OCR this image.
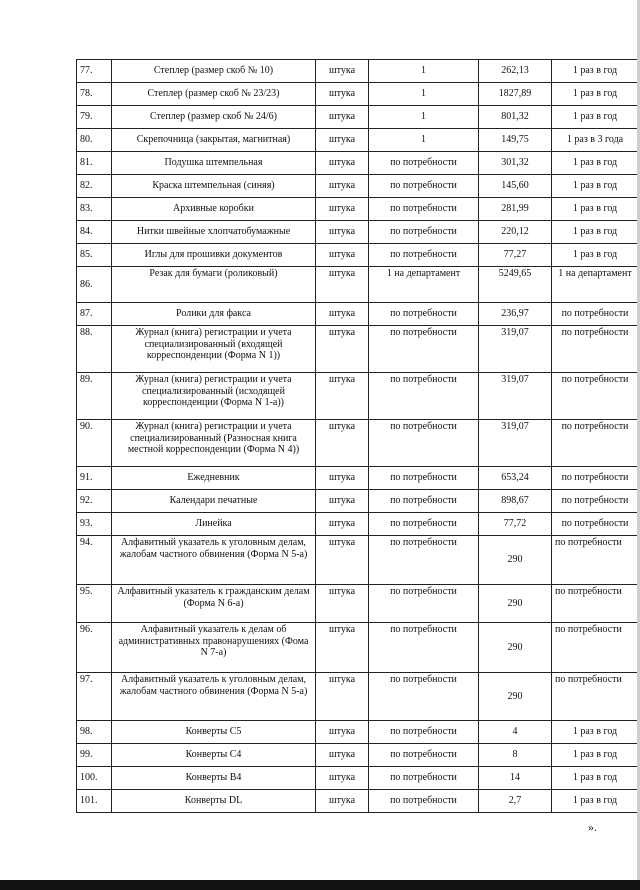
77.	Степлер (размер скоб № 10)	штука	1	262,13	1 раз в год
78.	Степлер (размер скоб № 23/23)	штука	1	1827,89	1 раз в год
79.	Степлер (размер скоб № 24/6)	штука	1	801,32	1 раз в год
80.	Скрепочница (закрытая, магнитная)	штука	1	149,75	1 раз в 3 года
81.	Подушка штемпельная	штука	по потребности	301,32	1 раз в год
82.	Краска штемпельная (синяя)	штука	по потребности	145,60	1 раз в год
83.	Архивные коробки	штука	по потребности	281,99	1 раз в год
84.	Нитки швейные хлопчатобумажные	штука	по потребности	220,12	1 раз в год
85.	Иглы для прошивки документов	штука	по потребности	77,27	1 раз в год
86.	Резак для бумаги (роликовый)	штука	1 на департамент	5249,65	1 на департамент
87.	Ролики для факса	штука	по потребности	236,97	по потребности
88.	Журнал (книга) регистрации и учета специализированный (входящей корреспонденции (Форма N 1))	штука	по потребности	319,07	по потребности
89.	Журнал (книга) регистрации и учета специализированный (исходящей корреспонденции (Форма N 1-а))	штука	по потребности	319,07	по потребности
90.	Журнал (книга) регистрации и учета специализированный (Разносная книга местной корреспонденции (Форма N 4))	штука	по потребности	319,07	по потребности
91.	Ежедневник	штука	по потребности	653,24	по потребности
92.	Календари печатные	штука	по потребности	898,67	по потребности
93.	Линейка	штука	по потребности	77,72	по потребности
94.	Алфавитный указатель к уголовным делам, жалобам частного обвинения (Форма N 5-а)	штука	по потребности	290	по потребности
95.	Алфавитный указатель к гражданским делам (Форма N 6-а)	штука	по потребности	290	по потребности
96.	Алфавитный указатель к делам об административных правонарушениях (Фома N 7-а)	штука	по потребности	290	по потребности
97.	Алфавитный указатель к уголовным делам, жалобам частного обвинения (Форма N 5-а)	штука	по потребности	290	по потребности
98.	Конверты С5	штука	по потребности	4	1 раз в год
99.	Конверты С4	штука	по потребности	8	1 раз в год
100.	Конверты В4	штука	по потребности	14	1 раз в год
101.	Конверты DL	штука	по потребности	2,7	1 раз в год
».
